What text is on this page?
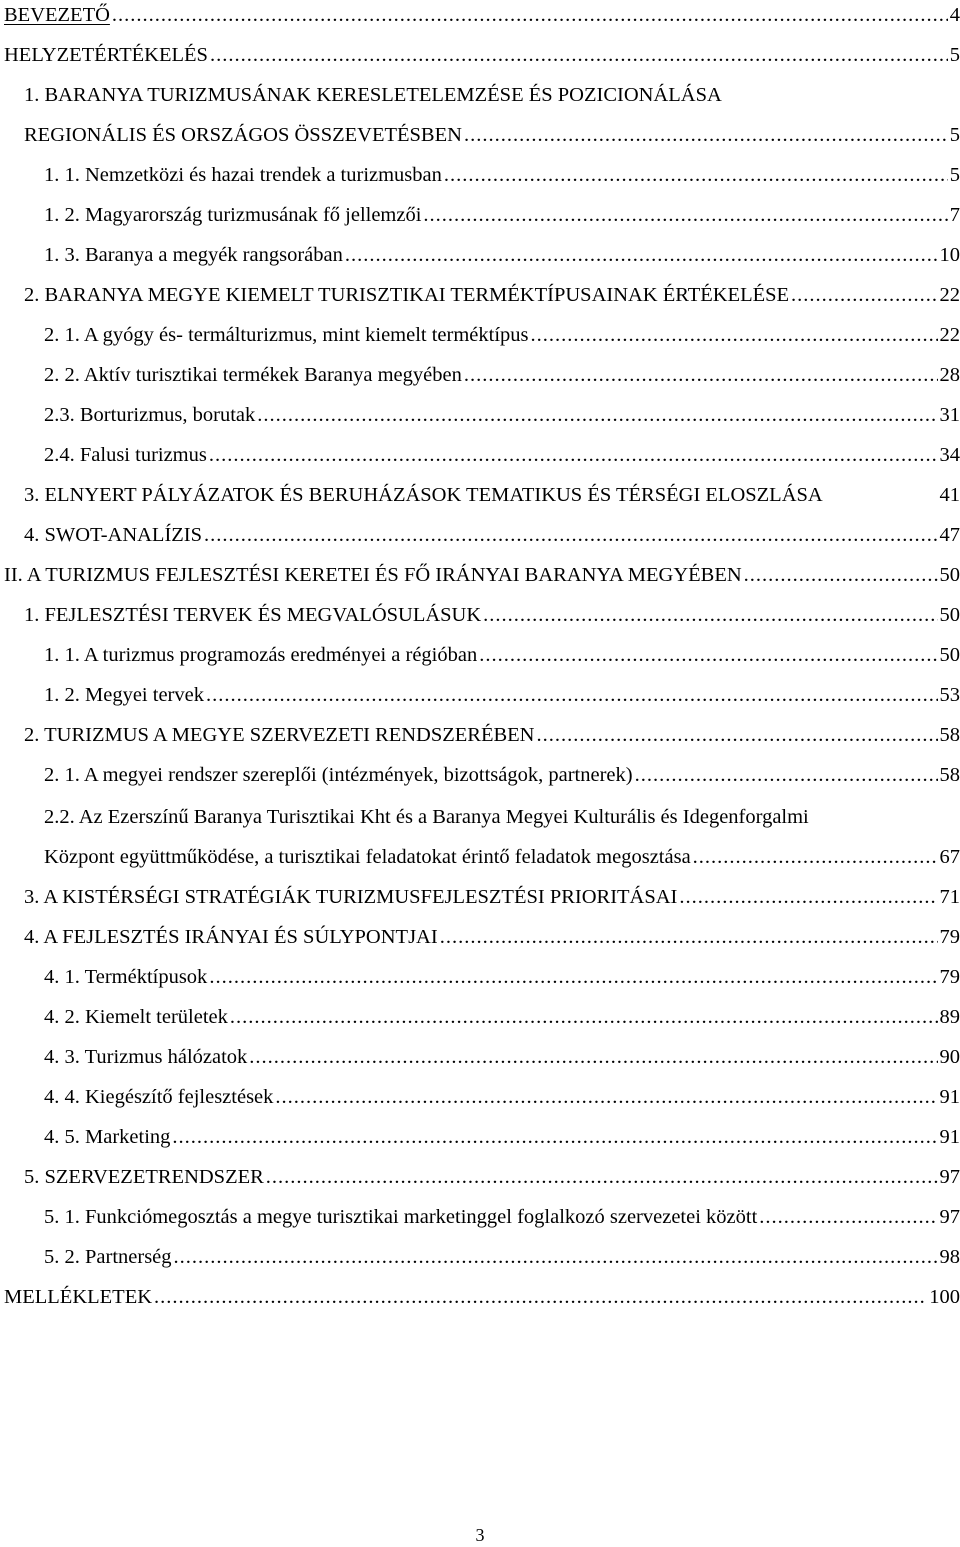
BEVEZETŐ .....	4
HELYZETÉRTÉKELÉS .....	5
1. BARANYA TURIZMUSÁNAK KERESLETELEMZÉSE ÉS POZICIONÁLÁSA
REGIONÁLIS ÉS ORSZÁGOS ÖSSZEVETÉSBEN .....	5
1. 1. Nemzetközi és hazai trendek a turizmusban .....	5
1. 2. Magyarország turizmusának fő jellemzői .....	7
1. 3. Baranya a megyék rangsorában .....	10
2. BARANYA MEGYE KIEMELT TURISZTIKAI TERMÉKTÍPUSAINAK ÉRTÉKELÉSE .....	22
2. 1. A gyógy és- termálturizmus, mint kiemelt terméktípus .....	22
2. 2. Aktív turisztikai termékek Baranya megyében .....	28
2.3. Borturizmus, borutak .....	31
2.4. Falusi turizmus .....	34
3. ELNYERT PÁLYÁZATOK ÉS BERUHÁZÁSOK TEMATIKUS ÉS TÉRSÉGI ELOSZLÁSA	41
4. SWOT-ANALÍZIS .....	47
II. A TURIZMUS FEJLESZTÉSI KERETEI ÉS FŐ IRÁNYAI BARANYA MEGYÉBEN .....	50
1. FEJLESZTÉSI TERVEK ÉS MEGVALÓSULÁSUK .....	50
1. 1. A turizmus programozás eredményei a régióban .....	50
1. 2. Megyei tervek .....	53
2. TURIZMUS A MEGYE SZERVEZETI RENDSZERÉBEN .....	58
2. 1. A megyei rendszer szereplői (intézmények, bizottságok, partnerek) .....	58
2.2. Az Ezerszínű Baranya Turisztikai Kht és a Baranya Megyei Kulturális és Idegenforgalmi
Központ együttműködése, a turisztikai feladatokat érintő feladatok megosztása .....	67
3. A KISTÉRSÉGI STRATÉGIÁK TURIZMUSFEJLESZTÉSI PRIORITÁSAI .....	71
4. A FEJLESZTÉS IRÁNYAI ÉS SÚLYPONTJAI .....	79
4. 1. Terméktípusok .....	79
4. 2. Kiemelt területek .....	89
4. 3. Turizmus hálózatok .....	90
4. 4. Kiegészítő fejlesztések .....	91
4. 5. Marketing .....	91
5. SZERVEZETRENDSZER .....	97
5. 1. Funkciómegosztás a megye turisztikai marketinggel foglalkozó szervezetei között .....	97
5. 2. Partnerség .....	98
MELLÉKLETEK .....	100
3
